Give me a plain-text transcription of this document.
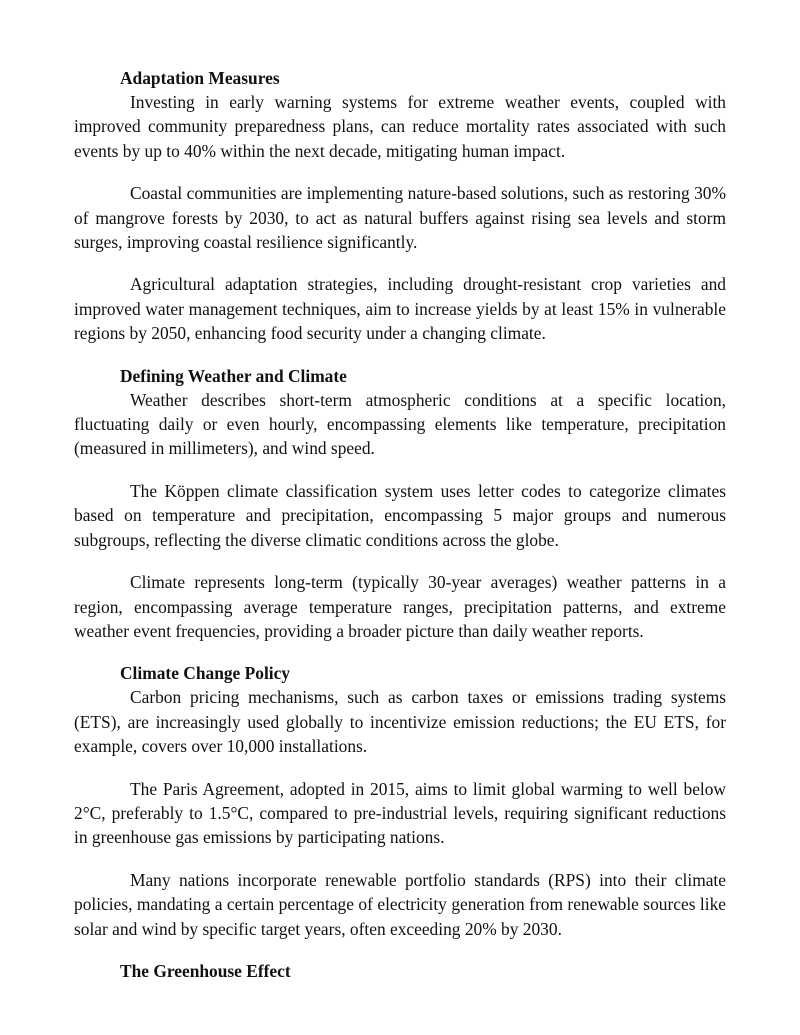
Adaptation Measures

Investing in early warning systems for extreme weather events, coupled with improved community preparedness plans, can reduce mortality rates associated with such events by up to 40% within the next decade, mitigating human impact.

Coastal communities are implementing nature-based solutions, such as restoring 30% of mangrove forests by 2030, to act as natural buffers against rising sea levels and storm surges, improving coastal resilience significantly.

Agricultural adaptation strategies, including drought-resistant crop varieties and improved water management techniques, aim to increase yields by at least 15% in vulnerable regions by 2050, enhancing food security under a changing climate.

Defining Weather and Climate

Weather describes short-term atmospheric conditions at a specific location, fluctuating daily or even hourly, encompassing elements like temperature, precipitation (measured in millimeters), and wind speed.

The Köppen climate classification system uses letter codes to categorize climates based on temperature and precipitation, encompassing 5 major groups and numerous subgroups, reflecting the diverse climatic conditions across the globe.

Climate represents long-term (typically 30-year averages) weather patterns in a region, encompassing average temperature ranges, precipitation patterns, and extreme weather event frequencies, providing a broader picture than daily weather reports.

Climate Change Policy

Carbon pricing mechanisms, such as carbon taxes or emissions trading systems (ETS), are increasingly used globally to incentivize emission reductions; the EU ETS, for example, covers over 10,000 installations.

The Paris Agreement, adopted in 2015, aims to limit global warming to well below 2°C, preferably to 1.5°C, compared to pre-industrial levels, requiring significant reductions in greenhouse gas emissions by participating nations.

Many nations incorporate renewable portfolio standards (RPS) into their climate policies, mandating a certain percentage of electricity generation from renewable sources like solar and wind by specific target years, often exceeding 20% by 2030.

The Greenhouse Effect
